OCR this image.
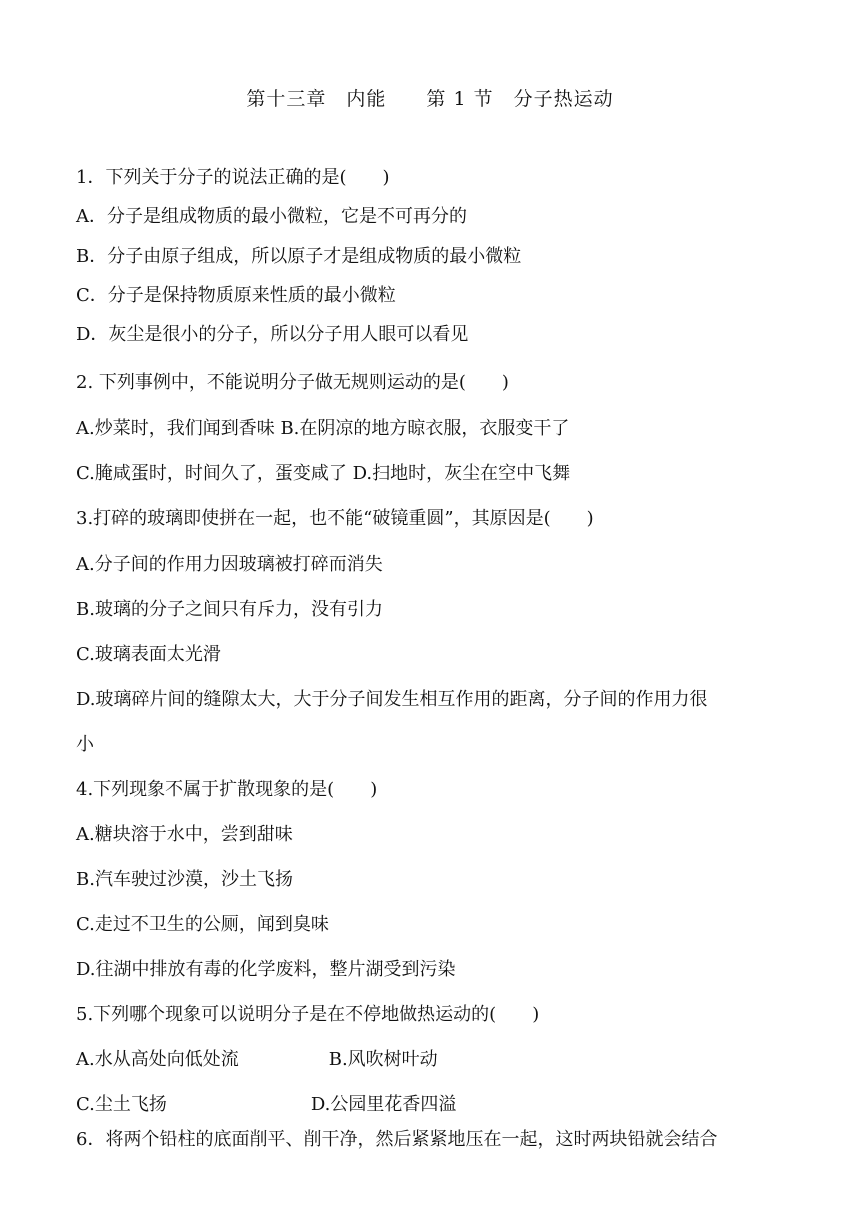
第十三章　内能　　第 1 节　分子热运动
1．下列关于分子的说法正确的是(　　)
A．分子是组成物质的最小微粒，它是不可再分的
B．分子由原子组成，所以原子才是组成物质的最小微粒
C．分子是保持物质原来性质的最小微粒
D．灰尘是很小的分子，所以分子用人眼可以看见
2. 下列事例中，不能说明分子做无规则运动的是(　　)
A.炒菜时，我们闻到香味 B.在阴凉的地方晾衣服，衣服变干了
C.腌咸蛋时，时间久了，蛋变咸了 D.扫地时，灰尘在空中飞舞
3.打碎的玻璃即使拼在一起，也不能“破镜重圆”，其原因是(　　)
A.分子间的作用力因玻璃被打碎而消失
B.玻璃的分子之间只有斥力，没有引力
C.玻璃表面太光滑
D.玻璃碎片间的缝隙太大，大于分子间发生相互作用的距离，分子间的作用力很
小
4.下列现象不属于扩散现象的是(　　)
A.糖块溶于水中，尝到甜味
B.汽车驶过沙漠，沙土飞扬
C.走过不卫生的公厕，闻到臭味
D.往湖中排放有毒的化学废料，整片湖受到污染
5.下列哪个现象可以说明分子是在不停地做热运动的(　　)
A.水从高处向低处流　　　　　B.风吹树叶动
C.尘土飞扬　　　　　　　　D.公园里花香四溢
6．将两个铅柱的底面削平、削干净，然后紧紧地压在一起，这时两块铅就会结合
